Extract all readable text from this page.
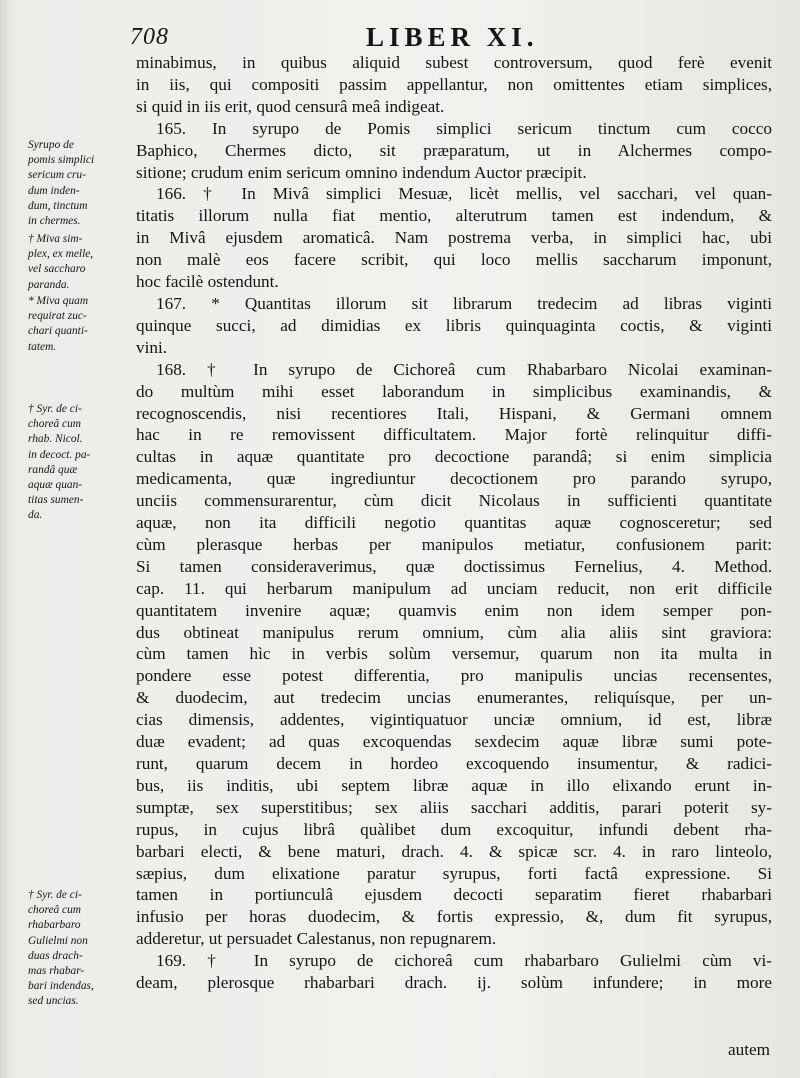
708	LIBER XI.
minabimus, in quibus aliquid subest controversum, quod ferè evenit
in iis, qui compositi passim appellantur, non omittentes etiam simplices,
si quid in iis erit, quod censurâ meâ indigeat.
165. In syrupo de Pomis simplici sericum tinctum cum cocco
Baphico, Chermes dicto, sit præparatum, ut in Alchermes compo-
sitione; crudum enim sericum omnino indendum Auctor præcipit.
166. † In Mivâ simplici Mesuæ, licèt mellis, vel sacchari, vel quan-
titatis illorum nulla fiat mentio, alterutrum tamen est indendum, &
in Mivâ ejusdem aromaticâ. Nam postrema verba, in simplici hac, ubi
non malè eos facere scribit, qui loco mellis saccharum imponunt,
hoc facilè ostendunt.
167. * Quantitas illorum sit librarum tredecim ad libras viginti
quinque succi, ad dimidias ex libris quinquaginta coctis, & viginti
vini.
168. † In syrupo de Cichoreâ cum Rhabarbaro Nicolai examinan-
do multùm mihi esset laborandum in simplicibus examinandis, &
recognoscendis, nisi recentiores Itali, Hispani, & Germani omnem
hac in re removissent difficultatem. Major fortè relinquitur diffi-
cultas in aquæ quantitate pro decoctione parandâ; si enim simplicia
medicamenta, quæ ingrediuntur decoctionem pro parando syrupo,
unciis commensurarentur, cùm dicit Nicolaus in sufficienti quantitate
aquæ, non ita difficili negotio quantitas aquæ cognosceretur; sed
cùm plerasque herbas per manipulos metiatur, confusionem parit:
Si tamen consideraverimus, quæ doctissimus Fernelius, 4. Method.
cap. 11. qui herbarum manipulum ad unciam reducit, non erit difficile
quantitatem invenire aquæ; quamvis enim non idem semper pon-
dus obtineat manipulus rerum omnium, cùm alia aliis sint graviora:
cùm tamen hìc in verbis solùm versemur, quarum non ita multa in
pondere esse potest differentia, pro manipulis uncias recensentes,
& duodecim, aut tredecim uncias enumerantes, reliquísque, per un-
cias dimensis, addentes, vigintiquatuor unciæ omnium, id est, libræ
duæ evadent; ad quas excoquendas sexdecim aquæ libræ sumi pote-
runt, quarum decem in hordeo excoquendo insumentur, & radici-
bus, iis inditis, ubi septem libræ aquæ in illo elixando erunt in-
sumptæ, sex superstitibus; sex aliis sacchari additis, parari poterit sy-
rupus, in cujus librâ quàlibet dum excoquitur, infundi debent rha-
barbari electi, & bene maturi, drach. 4. & spicæ scr. 4. in raro linteolo,
sæpius, dum elixatione paratur syrupus, forti factâ expressione. Si
tamen in portiunculâ ejusdem decocti separatim fieret rhabarbari
infusio per horas duodecim, & fortis expressio, &, dum fit syrupus,
adderetur, ut persuadet Calestanus, non repugnarem.
169. † In syrupo de cichoreâ cum rhabarbaro Gulielmi cùm vi-
deam, plerosque rhabarbari drach. ij. solùm infundere; in more
Syrupo de
pomis simplici
sericum cru-
dum inden-
dum, tinctum
in chermes.
† Miva sim-
plex, ex melle,
vel saccharo
paranda.
* Miva quam
requirat zuc-
chari quanti-
tatem.
† Syr. de ci-
choreâ cum
rhab. Nicol.
in decoct. pa-
randâ quæ
aquæ quan-
titas sumen-
da.
† Syr. de ci-
choreâ cum
rhabarbaro
Gulielmi non
duas drach-
mas rhabar-
bari indendas,
sed uncias.
autem
